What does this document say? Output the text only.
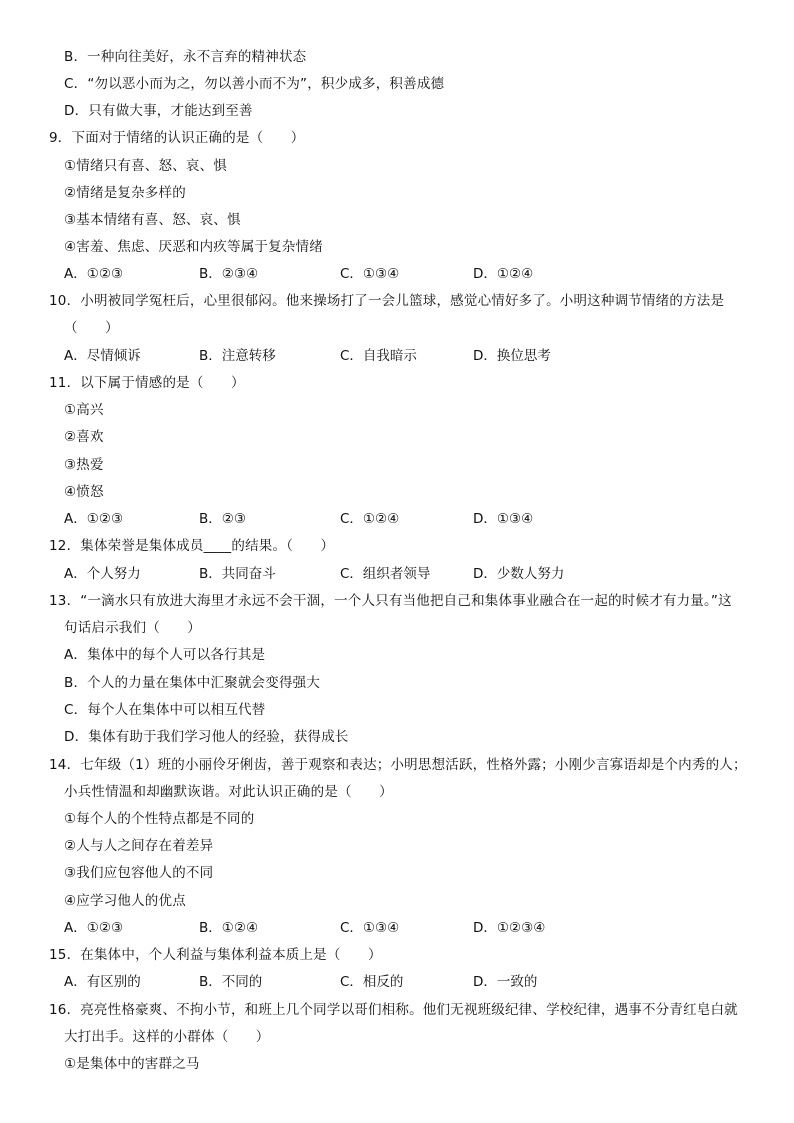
B．一种向往美好，永不言弃的精神状态
C．“勿以恶小而为之，勿以善小而不为”，积少成多，积善成德
D．只有做大事，才能达到至善
9．下面对于情绪的认识正确的是（　　）
①情绪只有喜、怒、哀、惧
②情绪是复杂多样的
③基本情绪有喜、怒、哀、惧
④害羞、焦虑、厌恶和内疚等属于复杂情绪
A．①②③	B．②③④	C．①③④	D．①②④
10．小明被同学冤枉后，心里很郁闷。他来操场打了一会儿篮球，感觉心情好多了。小明这种调节情绪的方法是
（　　）
A．尽情倾诉	B．注意转移	C．自我暗示	D．换位思考
11．以下属于情感的是（　　）
①高兴
②喜欢
③热爱
④愤怒
A．①②③	B．②③	C．①②④	D．①③④
12．集体荣誉是集体成员____的结果。（　　）
A．个人努力	B．共同奋斗	C．组织者领导	D．少数人努力
13．“一滴水只有放进大海里才永远不会干涸，一个人只有当他把自己和集体事业融合在一起的时候才有力量。”这
句话启示我们（　　）
A．集体中的每个人可以各行其是
B．个人的力量在集体中汇聚就会变得强大
C．每个人在集体中可以相互代替
D．集体有助于我们学习他人的经验，获得成长
14．七年级（1）班的小丽伶牙俐齿，善于观察和表达；小明思想活跃，性格外露；小刚少言寡语却是个内秀的人；
小兵性情温和却幽默诙谐。对此认识正确的是（　　）
①每个人的个性特点都是不同的
②人与人之间存在着差异
③我们应包容他人的不同
④应学习他人的优点
A．①②③	B．①②④	C．①③④	D．①②③④
15．在集体中，个人利益与集体利益本质上是（　　）
A．有区别的	B．不同的	C．相反的	D．一致的
16．亮亮性格豪爽、不拘小节，和班上几个同学以哥们相称。他们无视班级纪律、学校纪律，遇事不分青红皂白就
大打出手。这样的小群体（　　）
①是集体中的害群之马
